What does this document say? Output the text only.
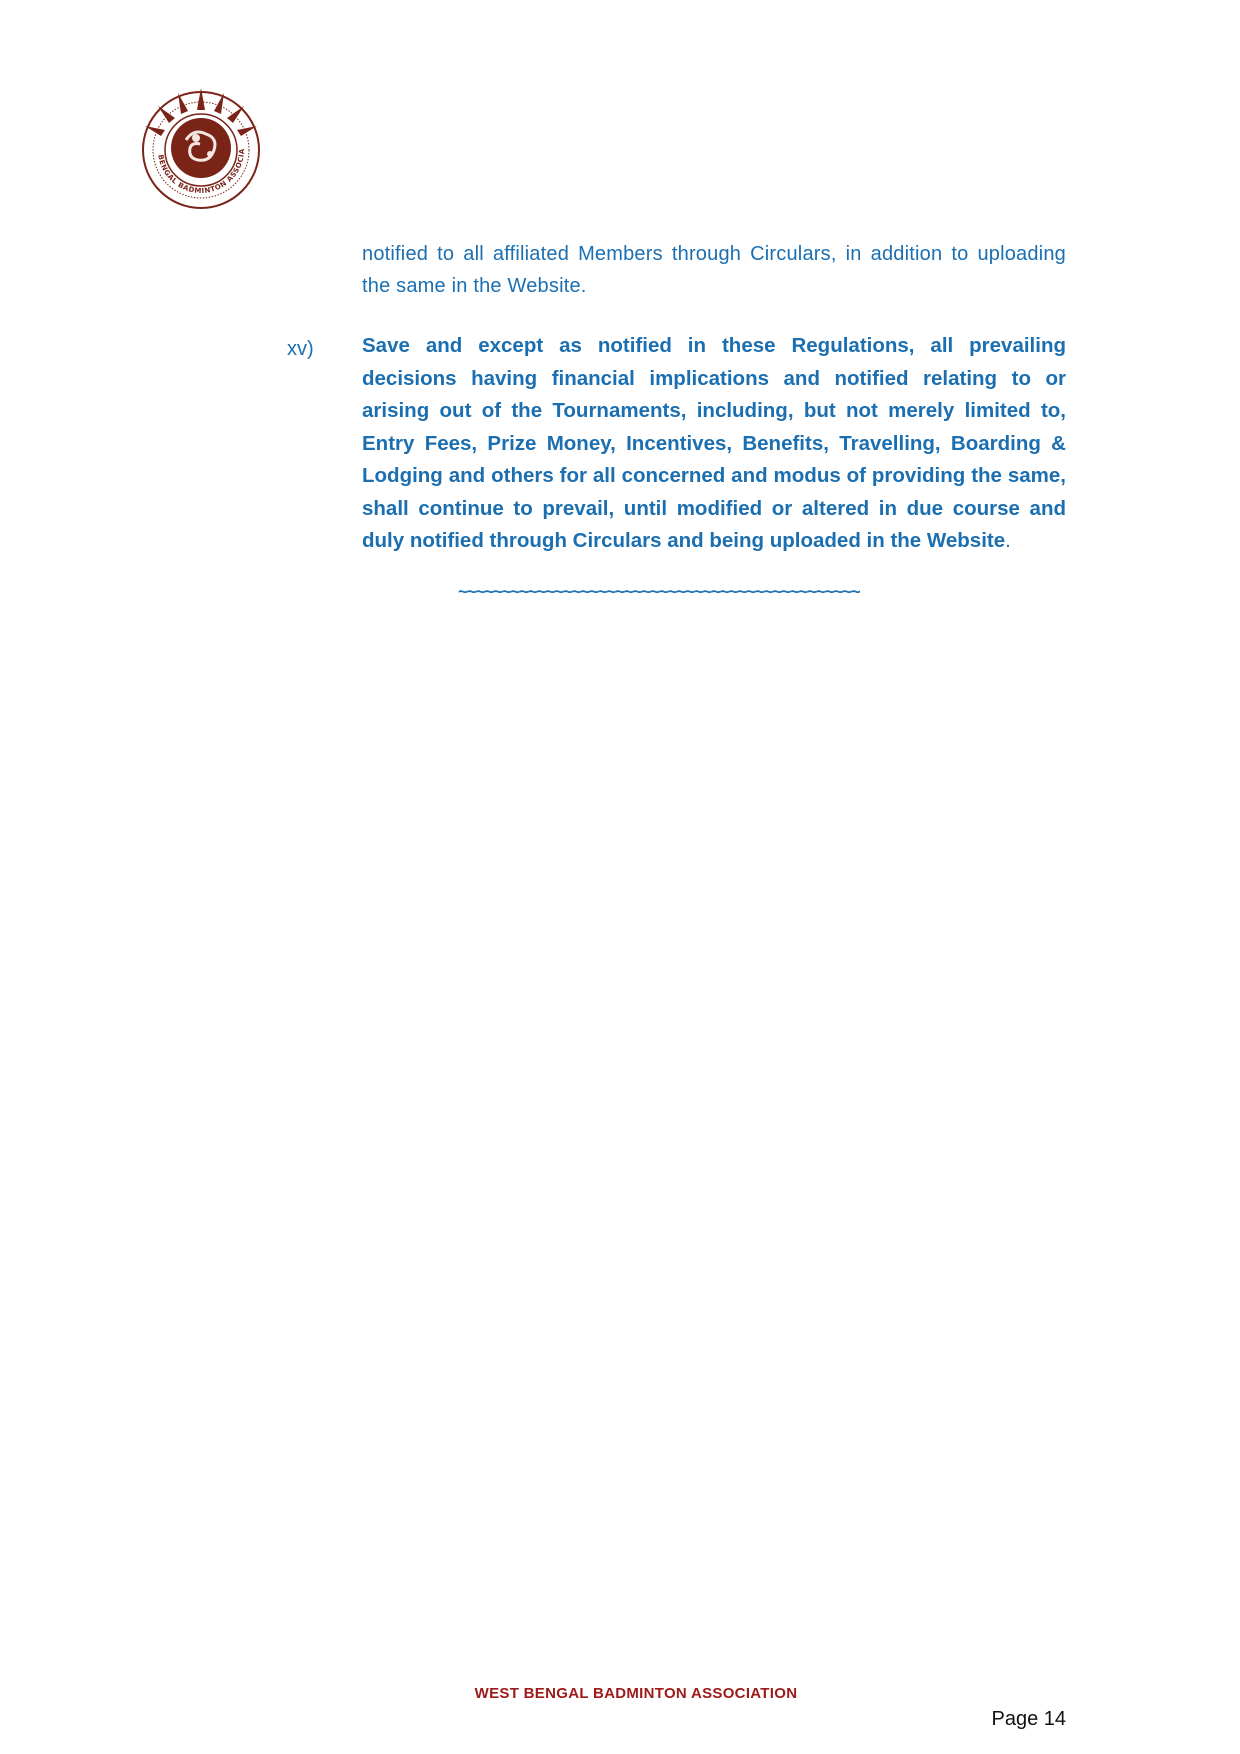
BENGAL BADMINTON ASSOCIA
notified to all affiliated Members through Circulars, in addition to uploading the same in the Website.
xv) Save and except as notified in these Regulations, all prevailing decisions having financial implications and notified relating to or arising out of the Tournaments, including, but not merely limited to, Entry Fees, Prize Money, Incentives, Benefits, Travelling, Boarding & Lodging and others for all concerned and modus of providing the same, shall continue to prevail, until modified or altered in due course and duly notified through Circulars and being uploaded in the Website.
~~~~~~~~~~~~~~~~~~~~~~~~~~~~~~~~~~~~~~~~~~~~~~
WEST BENGAL BADMINTON ASSOCIATION
Page 14
